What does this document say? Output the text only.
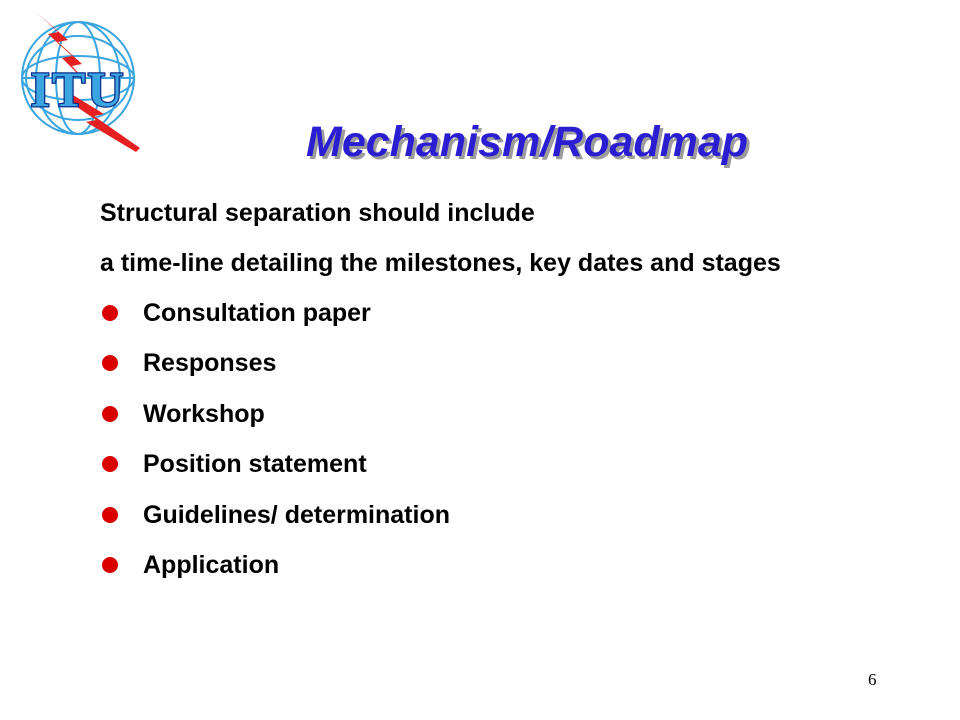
ITU
Mechanism/Roadmap

Structural separation should include

a time-line detailing the milestones, key dates and stages

Consultation paper
Responses
Workshop
Position statement
Guidelines/ determination
Application
6
